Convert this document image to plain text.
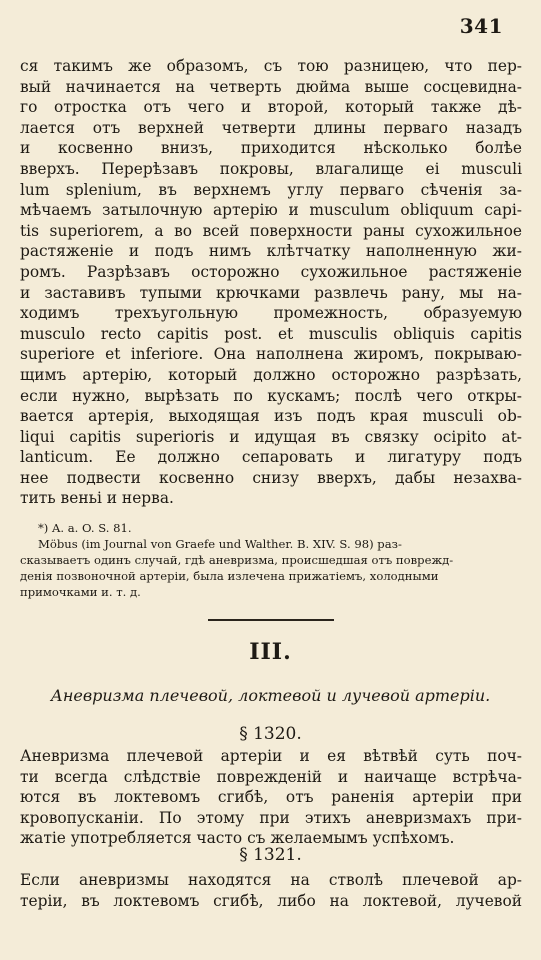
341
ся такимъ же образомъ, съ тою разницею, что пер-
вый начинается на четверть дюйма выше сосцевидна-
го отростка отъ чего и второй, который также дѣ-
лается отъ верхней четверти длины перваго назадъ
и косвенно внизъ, приходится нѣсколько болѣе
вверхъ. Перерѣзавъ покровы, влагалище ei musculi
lum splenium, въ верхнемъ углу перваго сѣченія за-
мѣчаемъ затылочную артерію и musculum obliquum capi-
tis superiorem, а во всей поверхности раны сухожильное
растяженіе и подъ нимъ клѣтчатку наполненную жи-
ромъ. Разрѣзавъ осторожно сухожильное растяженіе
и заставивъ тупыми крючками развлечь рану, мы на-
ходимъ трехъугольную промежность, образуемую
musculo recto capitis post. et musculis obliquis capitis
superiore et inferiore. Она наполнена жиромъ, покрываю-
щимъ артерію, который должно осторожно разрѣзать,
если нужно, вырѣзать по кускамъ; послѣ чего откры-
вается артерія, выходящая изъ подъ края musculi ob-
liqui capitis superioris и идущая въ связку ocipito at-
lanticum. Ее должно сепаровать и лигатуру подъ
нее подвести косвенно снизу вверхъ, дабы незахва-
тить веньі и нерва.
*) A. a. O. S. 81.
Möbus (im Journal von Graefe und Walther. B. XIV. S. 98) раз-
сказываетъ одинъ случай, гдѣ аневризма, происшедшая отъ поврежд-
денія позвоночной артеріи, была излечена прижатіемъ, холодными
примочками и. т. д.
III.
Аневризма плечевой, локтевой и лучевой артеріи.
§ 1320.
Аневризма плечевой артеріи и ея вѣтвѣй суть поч-
ти всегда слѣдствіе поврежденій и наичаще встрѣча-
ются въ локтевомъ сгибѣ, отъ раненія артеріи при
кровопусканіи. По этому при этихъ аневризмахъ при-
жатіе употребляется часто съ желаемымъ успѣхомъ.
§ 1321.
Если аневризмы находятся на стволѣ плечевой ар-
теріи, въ локтевомъ сгибѣ, либо на локтевой, лучевой
